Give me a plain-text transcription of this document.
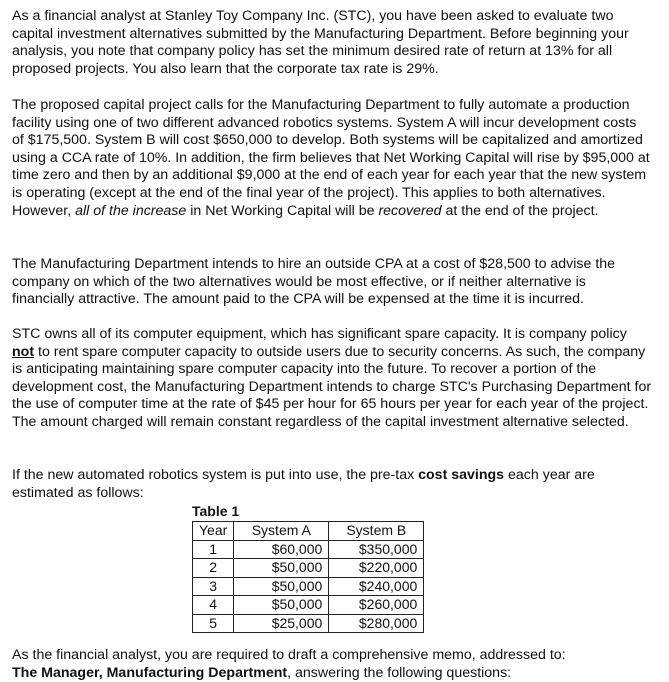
As a financial analyst at Stanley Toy Company Inc. (STC), you have been asked to evaluate two capital investment alternatives submitted by the Manufacturing Department. Before beginning your analysis, you note that company policy has set the minimum desired rate of return at 13% for all proposed projects. You also learn that the corporate tax rate is 29%.

The proposed capital project calls for the Manufacturing Department to fully automate a production facility using one of two different advanced robotics systems. System A will incur development costs of $175,500. System B will cost $650,000 to develop. Both systems will be capitalized and amortized using a CCA rate of 10%. In addition, the firm believes that Net Working Capital will rise by $95,000 at time zero and then by an additional $9,000 at the end of each year for each year that the new system is operating (except at the end of the final year of the project). This applies to both alternatives. However, all of the increase in Net Working Capital will be recovered at the end of the project.

The Manufacturing Department intends to hire an outside CPA at a cost of $28,500 to advise the company on which of the two alternatives would be most effective, or if neither alternative is financially attractive. The amount paid to the CPA will be expensed at the time it is incurred.

STC owns all of its computer equipment, which has significant spare capacity. It is company policy not to rent spare computer capacity to outside users due to security concerns. As such, the company is anticipating maintaining spare computer capacity into the future. To recover a portion of the development cost, the Manufacturing Department intends to charge STC's Purchasing Department for the use of computer time at the rate of $45 per hour for 65 hours per year for each year of the project. The amount charged will remain constant regardless of the capital investment alternative selected.

If the new automated robotics system is put into use, the pre-tax cost savings each year are estimated as follows:

Table 1
Year	System A	System B
1	$60,000	$350,000
2	$50,000	$220,000
3	$50,000	$240,000
4	$50,000	$260,000
5	$25,000	$280,000

As the financial analyst, you are required to draft a comprehensive memo, addressed to:
The Manager, Manufacturing Department, answering the following questions:
